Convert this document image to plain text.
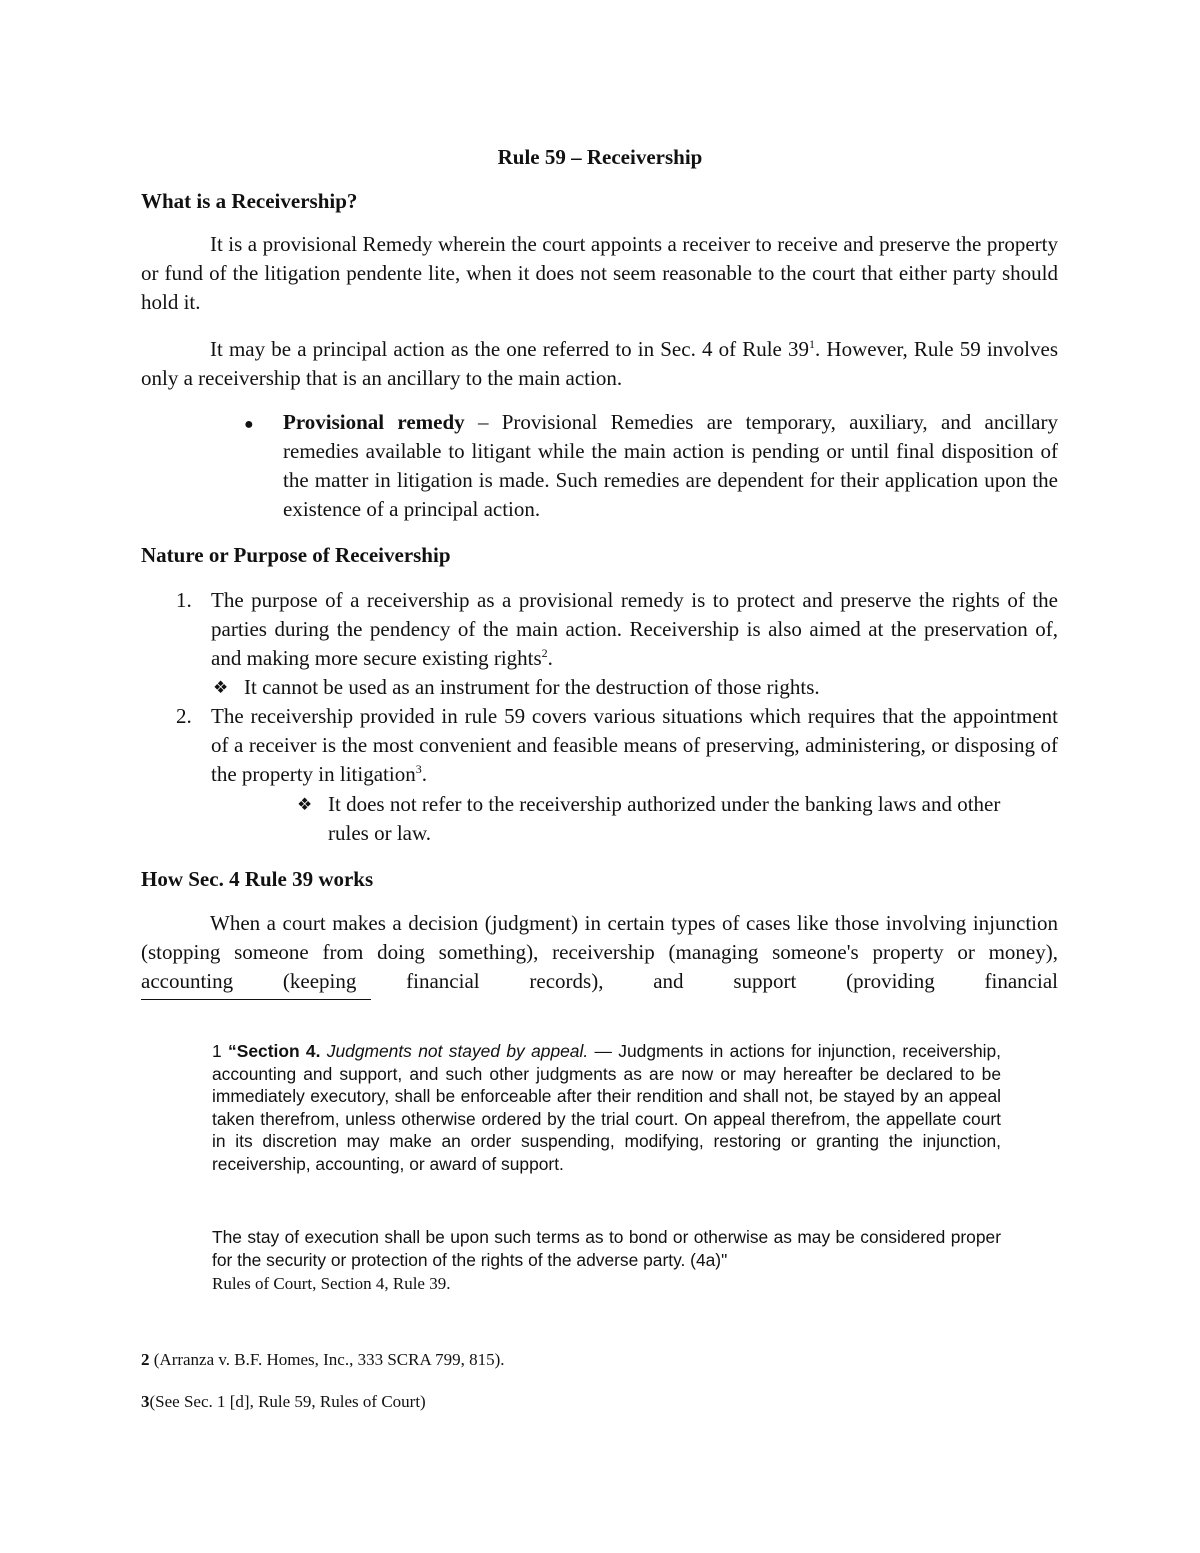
Rule 59 – Receivership
What is a Receivership?
It is a provisional Remedy wherein the court appoints a receiver to receive and preserve the property or fund of the litigation pendente lite, when it does not seem reasonable to the court that either party should hold it.
It may be a principal action as the one referred to in Sec. 4 of Rule $39^1$. However, Rule 59 involves only a receivership that is an ancillary to the main action.
● Provisional remedy – Provisional Remedies are temporary, auxiliary, and ancillary remedies available to litigant while the main action is pending or until final disposition of the matter in litigation is made. Such remedies are dependent for their application upon the existence of a principal action.
Nature or Purpose of Receivership
1. The purpose of a receivership as a provisional remedy is to protect and preserve the rights of the parties during the pendency of the main action. Receivership is also aimed at the preservation of, and making more secure existing rights$^2$.
❖ It cannot be used as an instrument for the destruction of those rights.
2. The receivership provided in rule 59 covers various situations which requires that the appointment of a receiver is the most convenient and feasible means of preserving, administering, or disposing of the property in litigation$^3$.
❖ It does not refer to the receivership authorized under the banking laws and other rules or law.
How Sec. 4 Rule 39 works
When a court makes a decision (judgment) in certain types of cases like those involving injunction (stopping someone from doing something), receivership (managing someone's property or money), accounting (keeping financial records), and support (providing financial
1 “Section 4. Judgments not stayed by appeal. — Judgments in actions for injunction, receivership, accounting and support, and such other judgments as are now or may hereafter be declared to be immediately executory, shall be enforceable after their rendition and shall not, be stayed by an appeal taken therefrom, unless otherwise ordered by the trial court. On appeal therefrom, the appellate court in its discretion may make an order suspending, modifying, restoring or granting the injunction, receivership, accounting, or award of support.
The stay of execution shall be upon such terms as to bond or otherwise as may be considered proper for the security or protection of the rights of the adverse party. (4a)"
Rules of Court, Section 4, Rule 39.
2 (Arranza v. B.F. Homes, Inc., 333 SCRA 799, 815).
3(See Sec. 1 [d], Rule 59, Rules of Court)
